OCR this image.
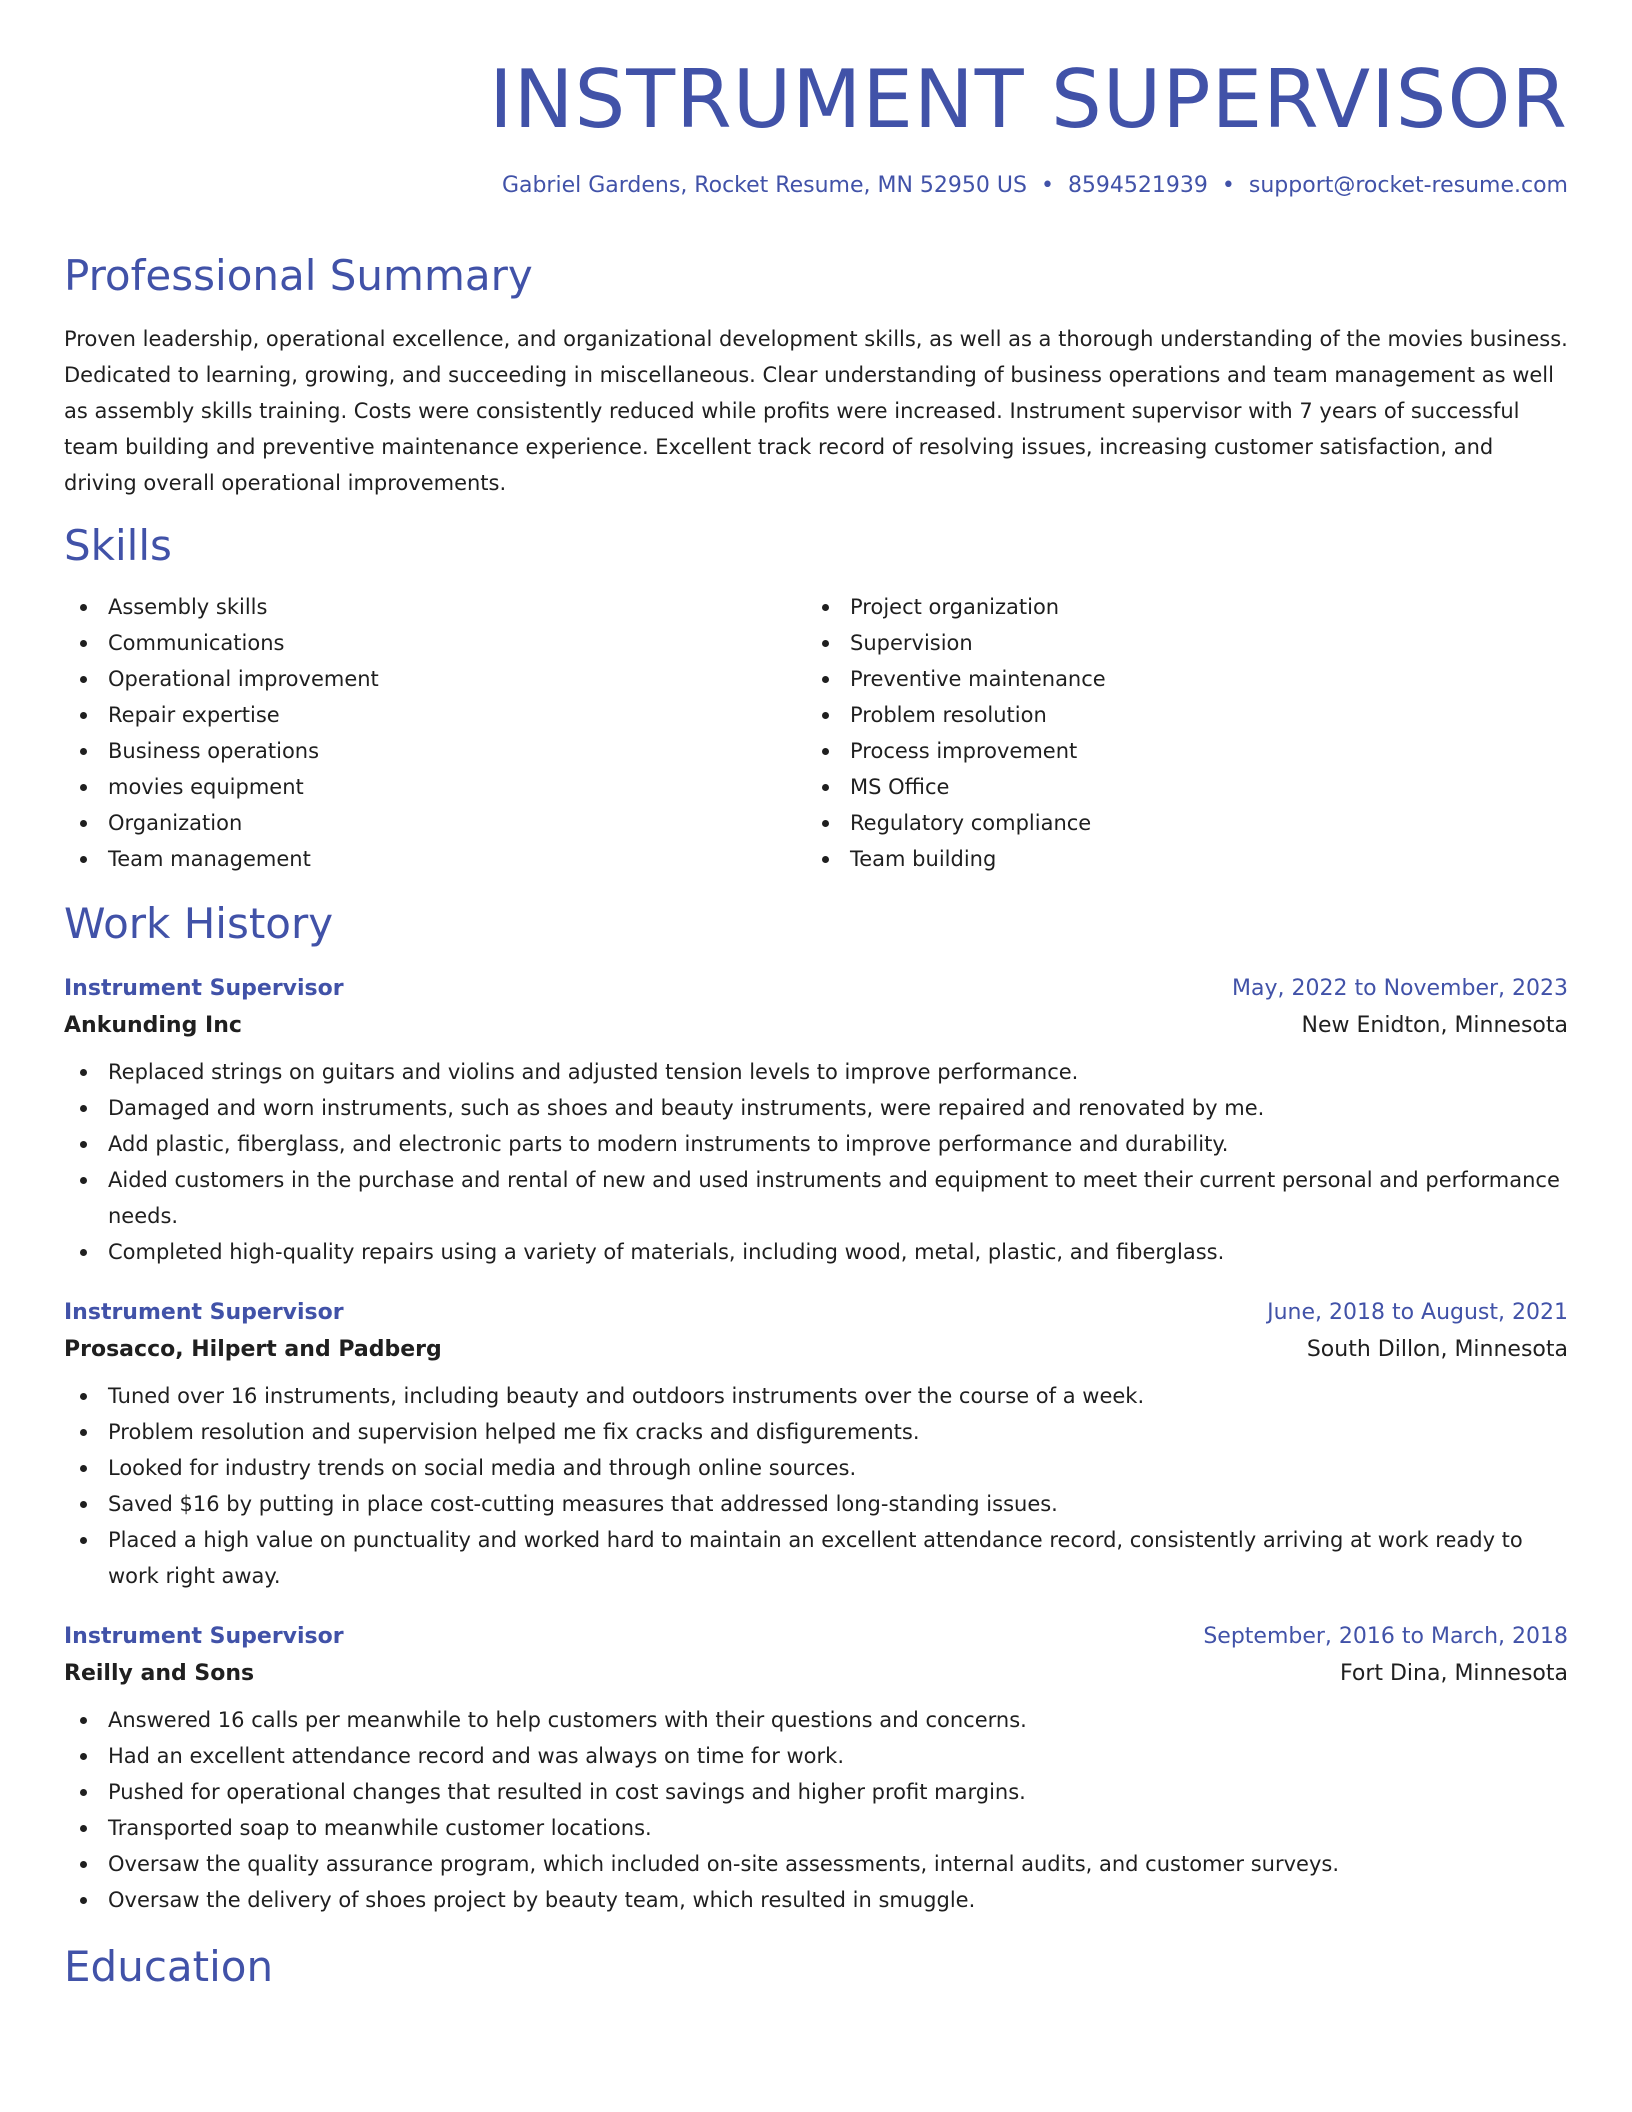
INSTRUMENT SUPERVISOR
Gabriel Gardens, Rocket Resume, MN 52950 US • 8594521939 • support@rocket-resume.com
Professional Summary
Proven leadership, operational excellence, and organizational development skills, as well as a thorough understanding of the movies business. Dedicated to learning, growing, and succeeding in miscellaneous. Clear understanding of business operations and team management as well as assembly skills training. Costs were consistently reduced while profits were increased. Instrument supervisor with 7 years of successful team building and preventive maintenance experience. Excellent track record of resolving issues, increasing customer satisfaction, and driving overall operational improvements.
Skills
Assembly skills
Communications
Operational improvement
Repair expertise
Business operations
movies equipment
Organization
Team management
Project organization
Supervision
Preventive maintenance
Problem resolution
Process improvement
MS Office
Regulatory compliance
Team building
Work History
Instrument Supervisor	May, 2022 to November, 2023
Ankunding Inc	New Enidton, Minnesota
Replaced strings on guitars and violins and adjusted tension levels to improve performance.
Damaged and worn instruments, such as shoes and beauty instruments, were repaired and renovated by me.
Add plastic, fiberglass, and electronic parts to modern instruments to improve performance and durability.
Aided customers in the purchase and rental of new and used instruments and equipment to meet their current personal and performance needs.
Completed high-quality repairs using a variety of materials, including wood, metal, plastic, and fiberglass.
Instrument Supervisor	June, 2018 to August, 2021
Prosacco, Hilpert and Padberg	South Dillon, Minnesota
Tuned over 16 instruments, including beauty and outdoors instruments over the course of a week.
Problem resolution and supervision helped me fix cracks and disfigurements.
Looked for industry trends on social media and through online sources.
Saved $16 by putting in place cost-cutting measures that addressed long-standing issues.
Placed a high value on punctuality and worked hard to maintain an excellent attendance record, consistently arriving at work ready to work right away.
Instrument Supervisor	September, 2016 to March, 2018
Reilly and Sons	Fort Dina, Minnesota
Answered 16 calls per meanwhile to help customers with their questions and concerns.
Had an excellent attendance record and was always on time for work.
Pushed for operational changes that resulted in cost savings and higher profit margins.
Transported soap to meanwhile customer locations.
Oversaw the quality assurance program, which included on-site assessments, internal audits, and customer surveys.
Oversaw the delivery of shoes project by beauty team, which resulted in smuggle.
Education
